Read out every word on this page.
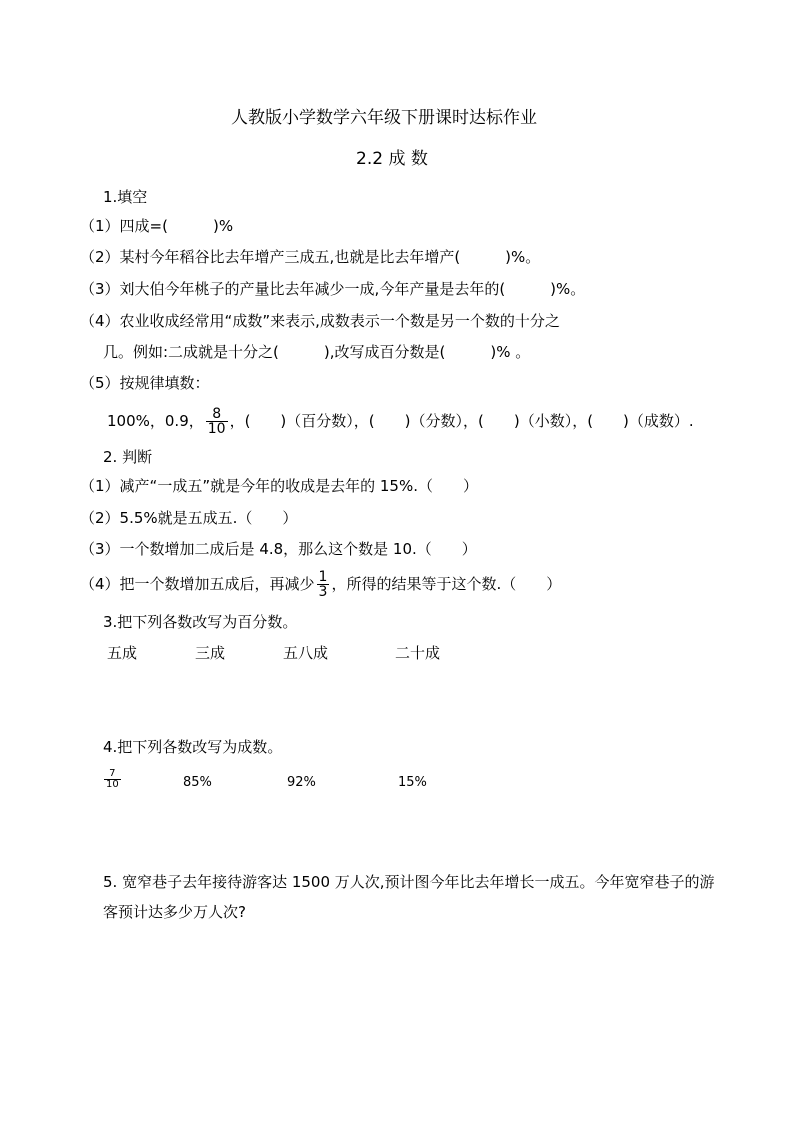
人教版小学数学六年级下册课时达标作业
2.2 成 数
1.填空
（1）四成=(　　　)%
（2）某村今年稻谷比去年增产三成五,也就是比去年增产(　　　)%。
（3）刘大伯今年桃子的产量比去年减少一成,今年产量是去年的(　　　)%。
（4）农业收成经常用“成数”来表示,成数表示一个数是另一个数的十分之
几。例如:二成就是十分之(　　　),改写成百分数是(　　　)% 。
（5）按规律填数：
100%，0.9， $\frac{8}{10}$ ，(　　)（百分数），(　　)（分数），(　　)（小数），(　　)（成数）.
2. 判断
（1）减产“一成五”就是今年的收成是去年的 15%.（　　）
（2）5.5%就是五成五.（　　）
（3）一个数增加二成后是 4.8，那么这个数是 10.（　　）
（4）把一个数增加五成后，再减少 $\frac{1}{3}$ ，所得的结果等于这个数.（　　）
3.把下列各数改写为百分数。
五成	三成	五八成	二十成
4.把下列各数改写为成数。
$\frac{7}{10}$	85%	92%	15%
5. 宽窄巷子去年接待游客达 1500 万人次,预计图今年比去年增长一成五。今年宽窄巷子的游
客预计达多少万人次?
